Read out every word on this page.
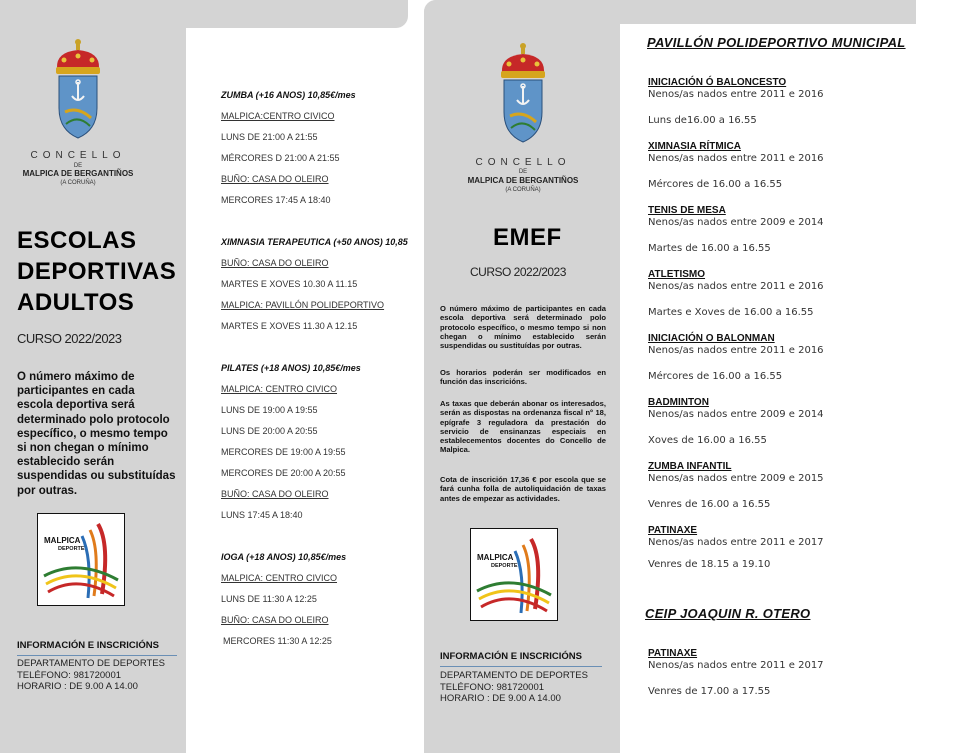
CONCELLO
DE
MALPICA DE BERGANTIÑOS
(A CORUÑA)
ESCOLAS
DEPORTIVAS
ADULTOS
CURSO 2022/2023
O número máximo de
participantes en cada
escola deportiva será
determinado polo protocolo
específico, o mesmo tempo
si non chegan o mínimo
establecido serán
suspendidas ou substituídas
por outras.
MALPICA
DEPORTE
INFORMACIÓN E INSCRICIÓNS
DEPARTAMENTO DE DEPORTES
TELÉFONO: 981720001
HORARIO : DE 9.00 A 14.00
ZUMBA (+16 ANOS) 10,85€/mes
MALPICA:CENTRO CIVICO
LUNS DE 21:00 A 21:55
MÉRCORES D 21:00 A 21:55
BUÑO: CASA DO OLEIRO
MERCORES 17:45 A 18:40
XIMNASIA TERAPEUTICA (+50 ANOS) 10,85
BUÑO: CASA DO OLEIRO
MARTES E XOVES 10.30 A 11.15
MALPICA: PAVILLÓN POLIDEPORTIVO
MARTES E XOVES 11.30 A 12.15
PILATES (+18 ANOS) 10,85€/mes
MALPICA: CENTRO CIVICO
LUNS DE 19:00 A 19:55
LUNS DE 20:00 A 20:55
MERCORES DE 19:00 A 19:55
MERCORES DE 20:00 A 20:55
BUÑO: CASA DO OLEIRO
LUNS 17:45 A 18:40
IOGA (+18 ANOS) 10,85€/mes
MALPICA: CENTRO CIVICO
LUNS DE 11:30 A 12:25
BUÑO: CASA DO OLEIRO
MERCORES 11:30 A 12:25
CONCELLO
DE
MALPICA DE BERGANTIÑOS
(A CORUÑA)
EMEF
CURSO 2022/2023
O número máximo de participantes en cada escola deportiva será determinado polo protocolo específico, o mesmo tempo si non chegan o mínimo establecido serán suspendidas ou sustituídas por outras.
Os horarios poderán ser modificados en función das inscricións.
As taxas que deberán abonar os interesados, serán as dispostas na ordenanza fiscal nº 18, epígrafe 3 reguladora da prestación do servicio de ensinanzas especiais en establecementos docentes do Concello de Malpica.
Cota de inscrición 17,36 € por escola que se fará cunha folla de autoliquidación de taxas antes de empezar as actividades.
MALPICA
DEPORTE
INFORMACIÓN E INSCRICIÓNS
DEPARTAMENTO DE DEPORTES
TELÉFONO: 981720001
HORARIO : DE 9.00 A 14.00
PAVILLÓN POLIDEPORTIVO MUNICIPAL
INICIACIÓN Ó BALONCESTO
Nenos/as nados entre 2011 e 2016
Luns de16.00 a 16.55
XIMNASIA RÍTMICA
Nenos/as nados entre 2011 e 2016
Mércores de 16.00 a 16.55
TENIS DE MESA
Nenos/as nados entre 2009 e 2014
Martes de 16.00 a 16.55
ATLETISMO
Nenos/as nados entre 2011 e 2016
Martes e Xoves de 16.00 a 16.55
INICIACIÓN O BALONMAN
Nenos/as nados entre 2011 e 2016
Mércores de 16.00 a 16.55
BADMINTON
Nenos/as nados entre 2009 e 2014
Xoves de 16.00 a 16.55
ZUMBA INFANTIL
Nenos/as nados entre 2009 e 2015
Venres de 16.00 a 16.55
PATINAXE
Nenos/as nados entre 2011 e 2017
Venres de 18.15 a 19.10
CEIP JOAQUIN R. OTERO
PATINAXE
Nenos/as nados entre 2011 e 2017
Venres de 17.00 a 17.55
